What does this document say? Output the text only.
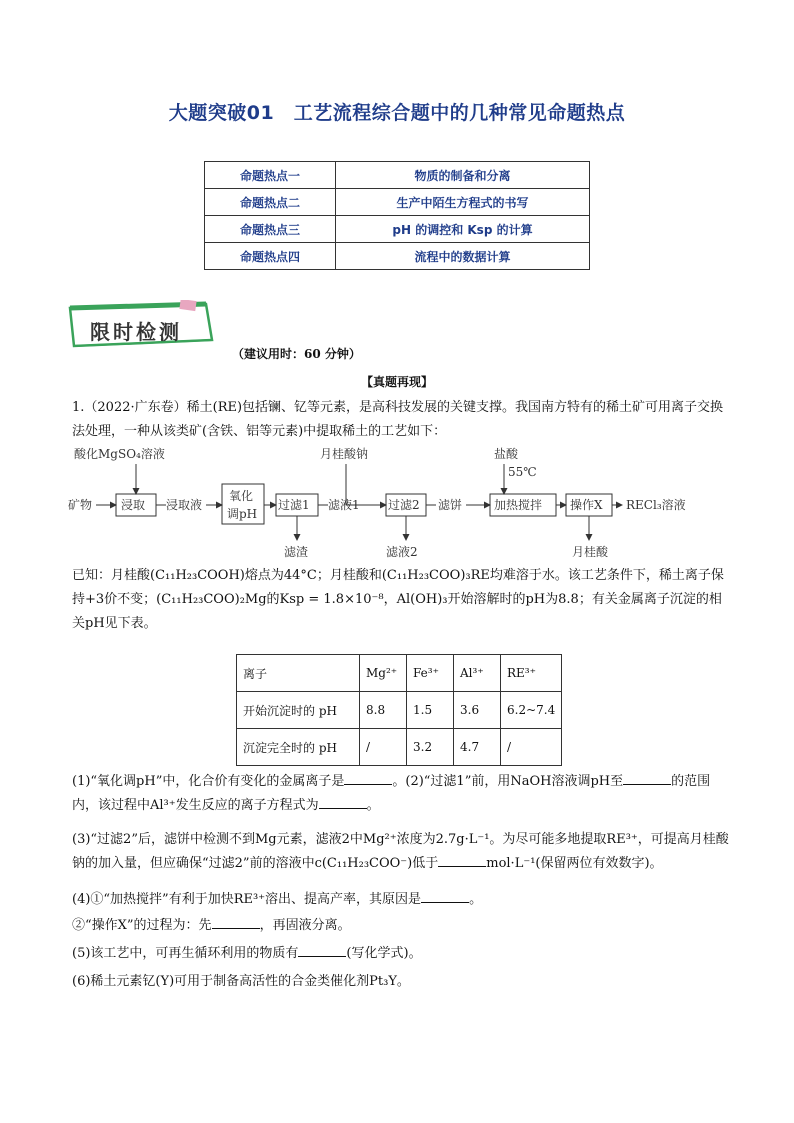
大题突破01　工艺流程综合题中的几种常见命题热点
命题热点一	物质的制备和分离
命题热点二	生产中陌生方程式的书写
命题热点三	pH 的调控和 Ksp 的计算
命题热点四	流程中的数据计算
限时检测
（建议用时：60 分钟）
【真题再现】
1.（2022·广东卷）稀土(RE)包括镧、钇等元素，是高科技发展的关键支撑。我国南方特有的稀土矿可用离子交换法处理，一种从该类矿(含铁、铝等元素)中提取稀土的工艺如下：
酸化MgSO₄溶液	月桂酸钠	盐酸
55℃
矿物 浸取 浸取液
氧化
调pH
过滤1 滤液1 过滤2 滤饼	加热搅拌 操作X RECl₃溶液
滤渣	滤液2	月桂酸
已知：月桂酸(C₁₁H₂₃COOH)熔点为44°C；月桂酸和(C₁₁H₂₃COO)₃RE均难溶于水。该工艺条件下，稀土离子保持+3价不变；(C₁₁H₂₃COO)₂Mg的Ksp = 1.8×10⁻⁸，Al(OH)₃开始溶解时的pH为8.8；有关金属离子沉淀的相关pH见下表。
离子	Mg²⁺	Fe³⁺	Al³⁺	RE³⁺
开始沉淀时的 pH	8.8	1.5	3.6	6.2~7.4
沉淀完全时的 pH	/	3.2	4.7	/
(1)“氧化调pH”中，化合价有变化的金属离子是	。(2)“过滤1”前，用NaOH溶液调pH至	的范围内，该过程中Al³⁺发生反应的离子方程式为	。
(3)“过滤2”后，滤饼中检测不到Mg元素，滤液2中Mg²⁺浓度为2.7g·L⁻¹。为尽可能多地提取RE³⁺，可提高月桂酸钠的加入量，但应确保“过滤2”前的溶液中c(C₁₁H₂₃COO⁻)低于	mol·L⁻¹(保留两位有效数字)。
(4)①“加热搅拌”有利于加快RE³⁺溶出、提高产率，其原因是	。
②“操作X”的过程为：先	，再固液分离。
(5)该工艺中，可再生循环利用的物质有	(写化学式)。
(6)稀土元素钇(Y)可用于制备高活性的合金类催化剂Pt₃Y。
